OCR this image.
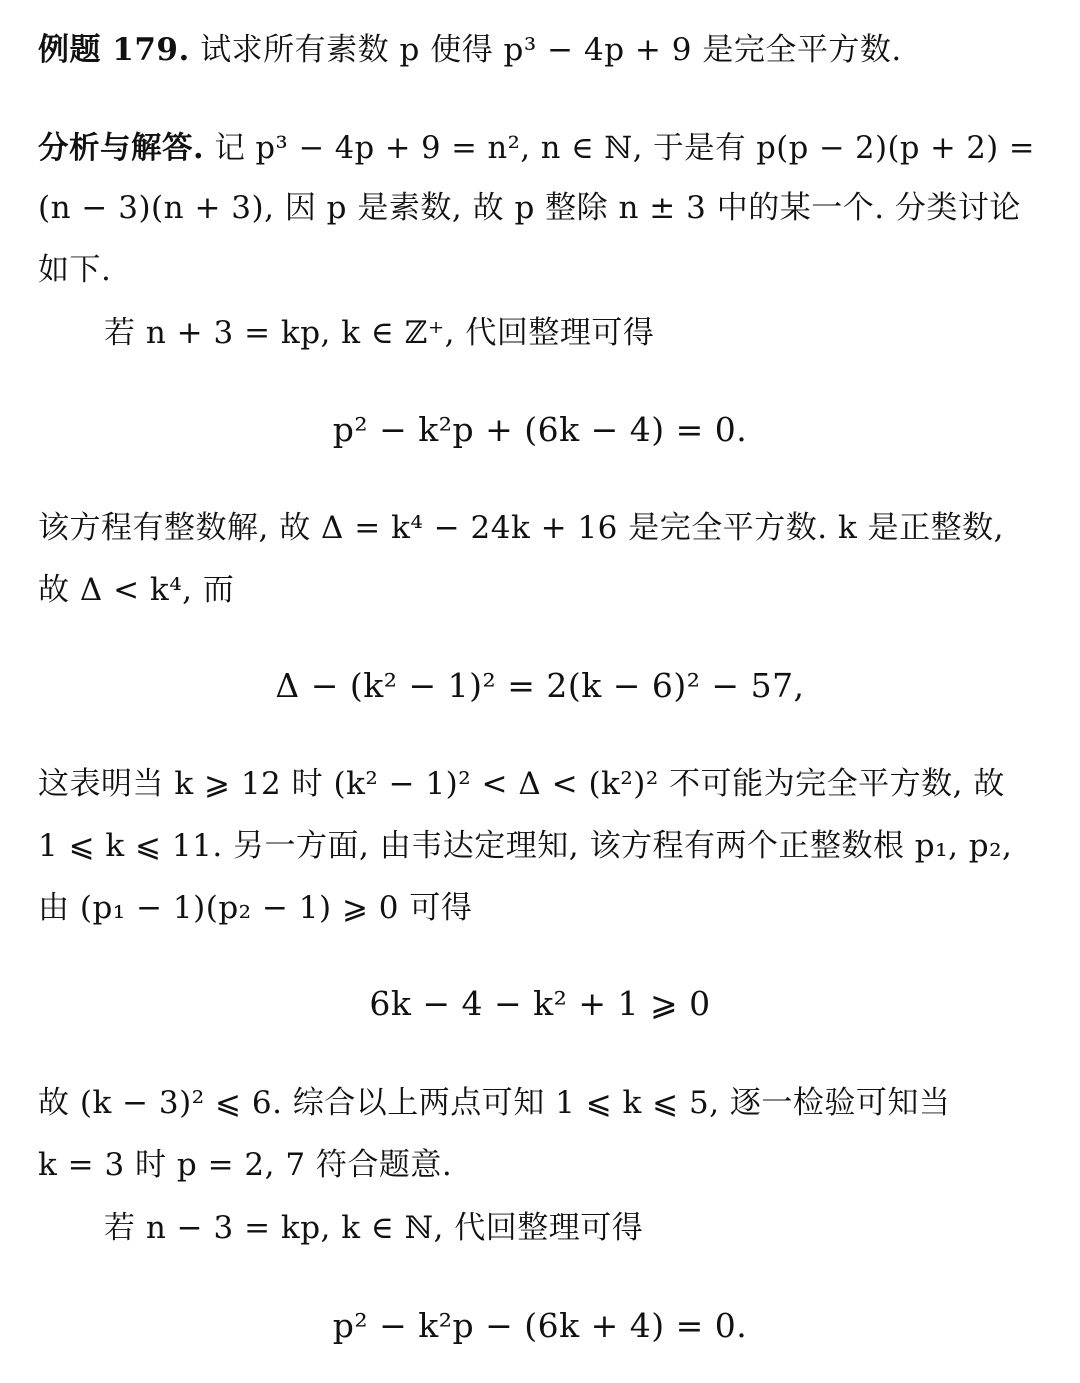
例题 179. 试求所有素数 p 使得 p³ − 4p + 9 是完全平方数.
分析与解答. 记 p³ − 4p + 9 = n², n ∈ ℕ, 于是有 p(p − 2)(p + 2) =
(n − 3)(n + 3), 因 p 是素数, 故 p 整除 n ± 3 中的某一个. 分类讨论
如下.
若 n + 3 = kp, k ∈ ℤ⁺, 代回整理可得
p² − k²p + (6k − 4) = 0.
该方程有整数解, 故 Δ = k⁴ − 24k + 16 是完全平方数. k 是正整数,
故 Δ < k⁴, 而
Δ − (k² − 1)² = 2(k − 6)² − 57,
这表明当 k ⩾ 12 时 (k² − 1)² < Δ < (k²)² 不可能为完全平方数, 故
1 ⩽ k ⩽ 11. 另一方面, 由韦达定理知, 该方程有两个正整数根 p₁, p₂,
由 (p₁ − 1)(p₂ − 1) ⩾ 0 可得
6k − 4 − k² + 1 ⩾ 0
故 (k − 3)² ⩽ 6. 综合以上两点可知 1 ⩽ k ⩽ 5, 逐一检验可知当
k = 3 时 p = 2, 7 符合题意.
若 n − 3 = kp, k ∈ ℕ, 代回整理可得
p² − k²p − (6k + 4) = 0.
